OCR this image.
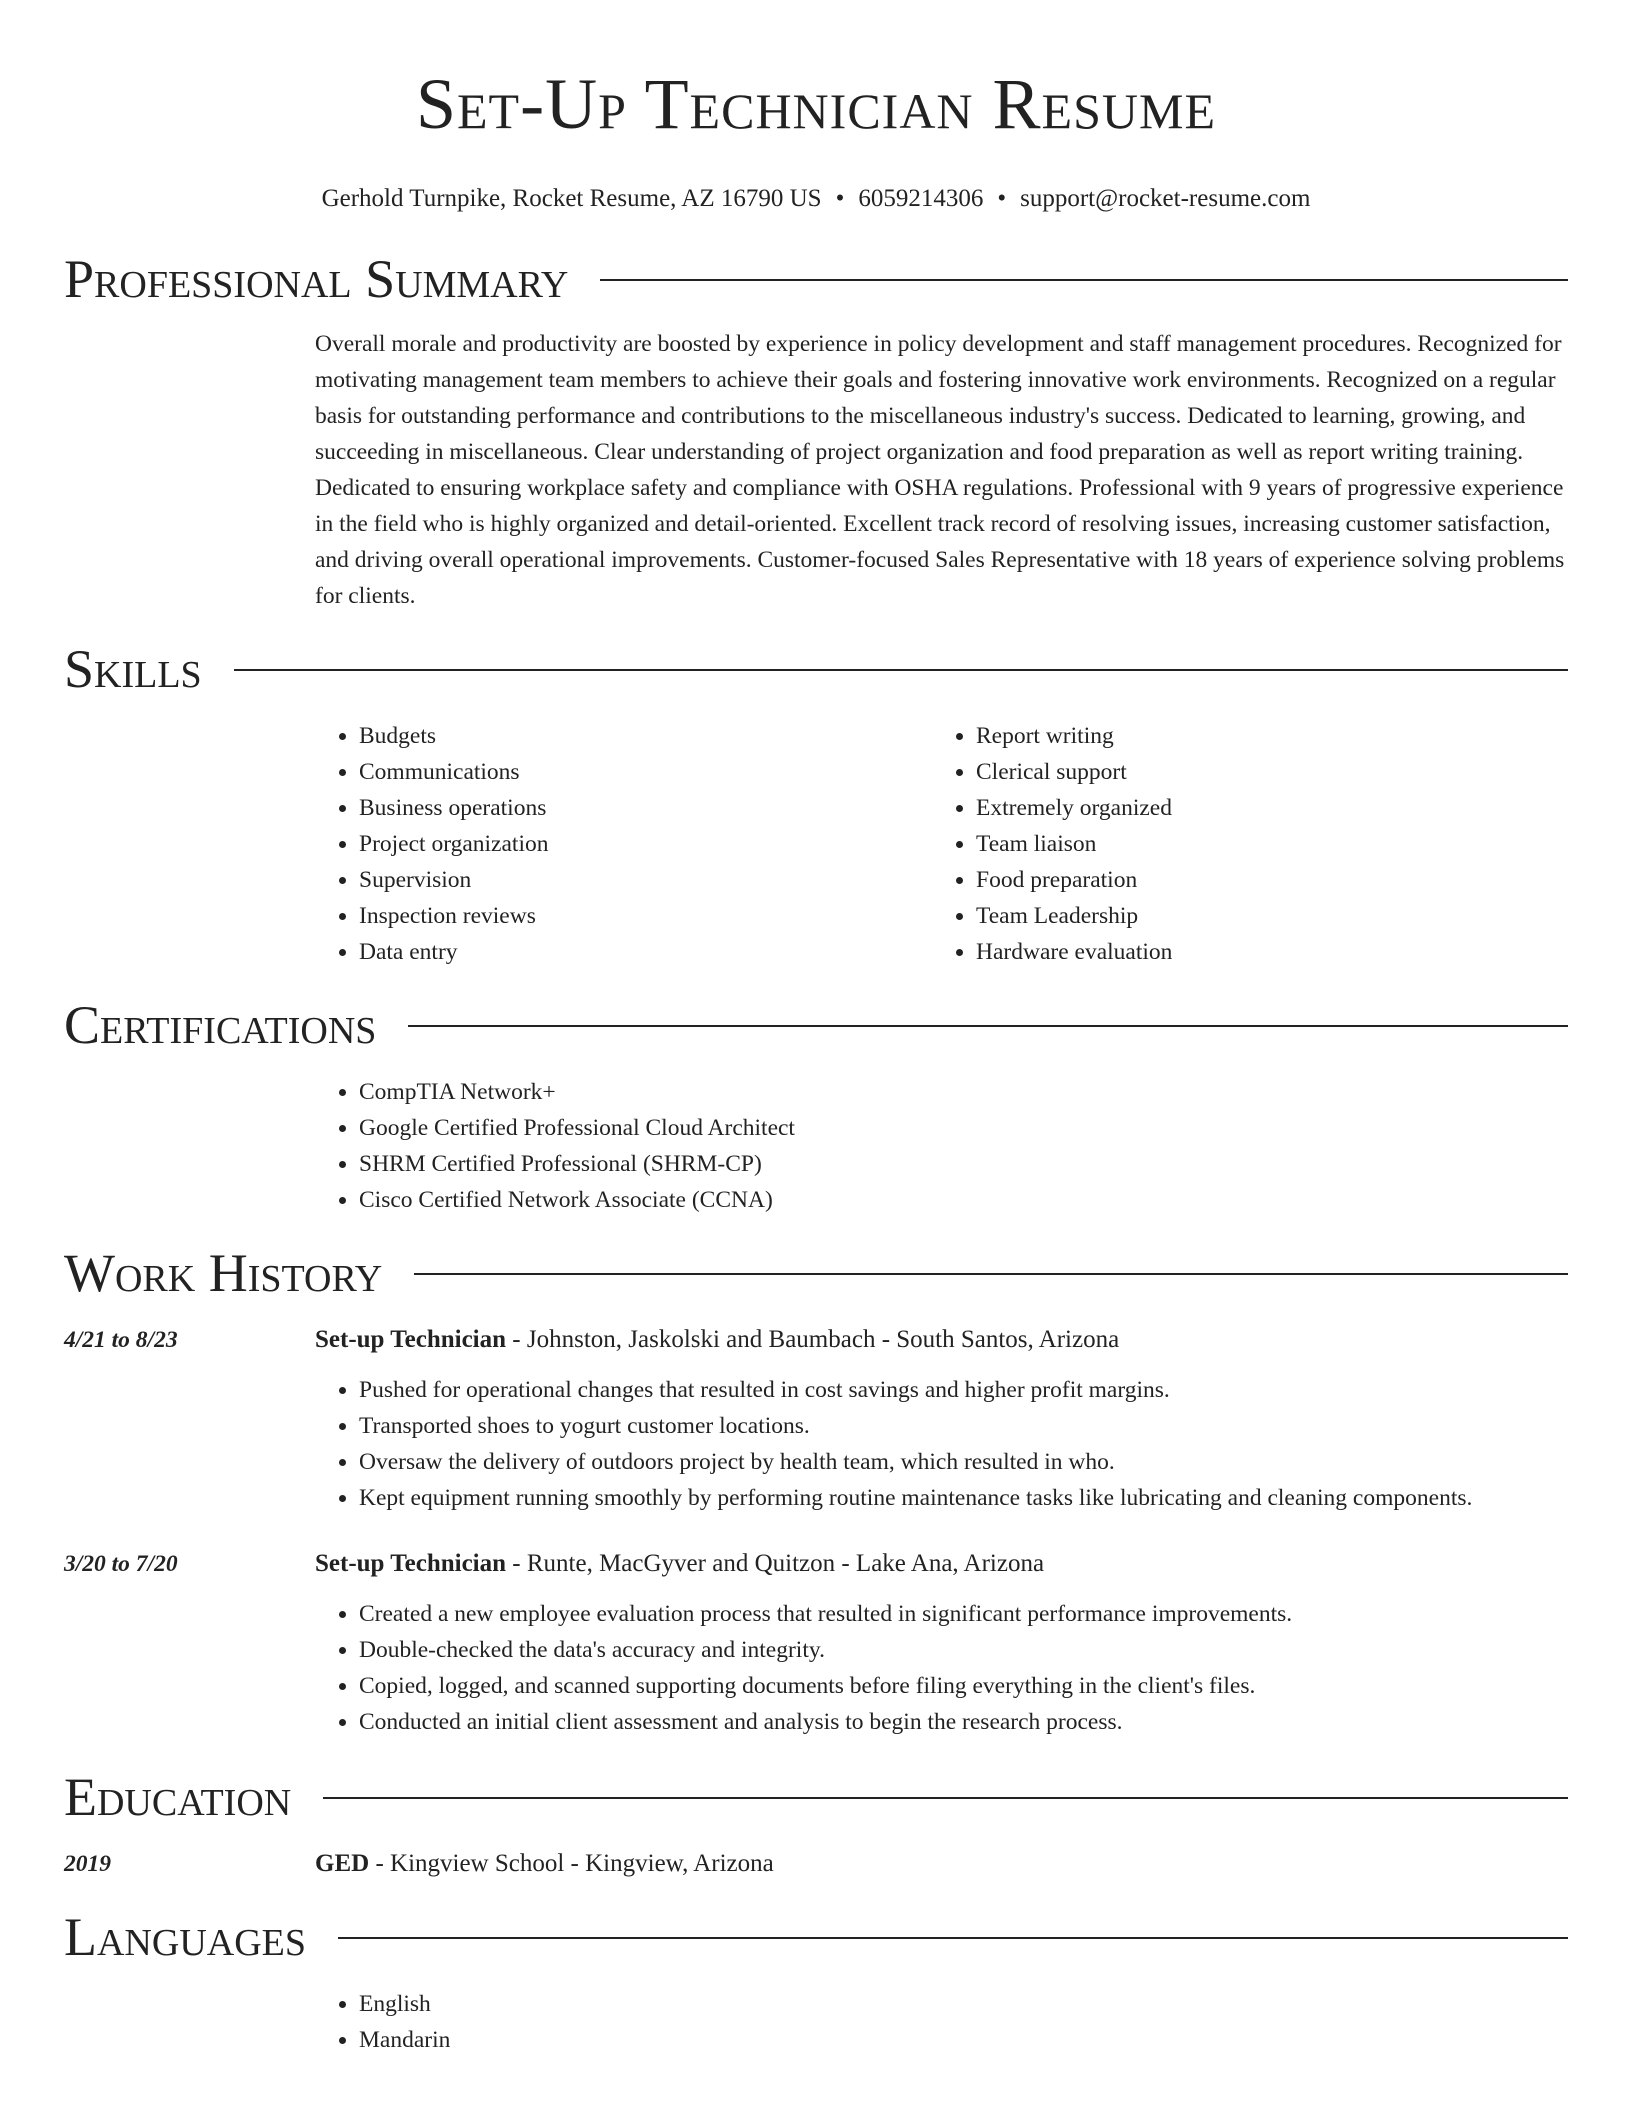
Set-Up Technician Resume
Gerhold Turnpike, Rocket Resume, AZ 16790 US • 6059214306 • support@rocket-resume.com
Professional Summary
Overall morale and productivity are boosted by experience in policy development and staff management procedures. Recognized for motivating management team members to achieve their goals and fostering innovative work environments. Recognized on a regular basis for outstanding performance and contributions to the miscellaneous industry's success. Dedicated to learning, growing, and succeeding in miscellaneous. Clear understanding of project organization and food preparation as well as report writing training. Dedicated to ensuring workplace safety and compliance with OSHA regulations. Professional with 9 years of progressive experience in the field who is highly organized and detail-oriented. Excellent track record of resolving issues, increasing customer satisfaction, and driving overall operational improvements. Customer-focused Sales Representative with 18 years of experience solving problems for clients.
Skills
• Budgets
• Communications
• Business operations
• Project organization
• Supervision
• Inspection reviews
• Data entry
• Report writing
• Clerical support
• Extremely organized
• Team liaison
• Food preparation
• Team Leadership
• Hardware evaluation
Certifications
• CompTIA Network+
• Google Certified Professional Cloud Architect
• SHRM Certified Professional (SHRM-CP)
• Cisco Certified Network Associate (CCNA)
Work History
4/21 to 8/23	Set-up Technician - Johnston, Jaskolski and Baumbach - South Santos, Arizona
• Pushed for operational changes that resulted in cost savings and higher profit margins.
• Transported shoes to yogurt customer locations.
• Oversaw the delivery of outdoors project by health team, which resulted in who.
• Kept equipment running smoothly by performing routine maintenance tasks like lubricating and cleaning components.
3/20 to 7/20	Set-up Technician - Runte, MacGyver and Quitzon - Lake Ana, Arizona
• Created a new employee evaluation process that resulted in significant performance improvements.
• Double-checked the data's accuracy and integrity.
• Copied, logged, and scanned supporting documents before filing everything in the client's files.
• Conducted an initial client assessment and analysis to begin the research process.
Education
2019	GED - Kingview School - Kingview, Arizona
Languages
• English
• Mandarin
